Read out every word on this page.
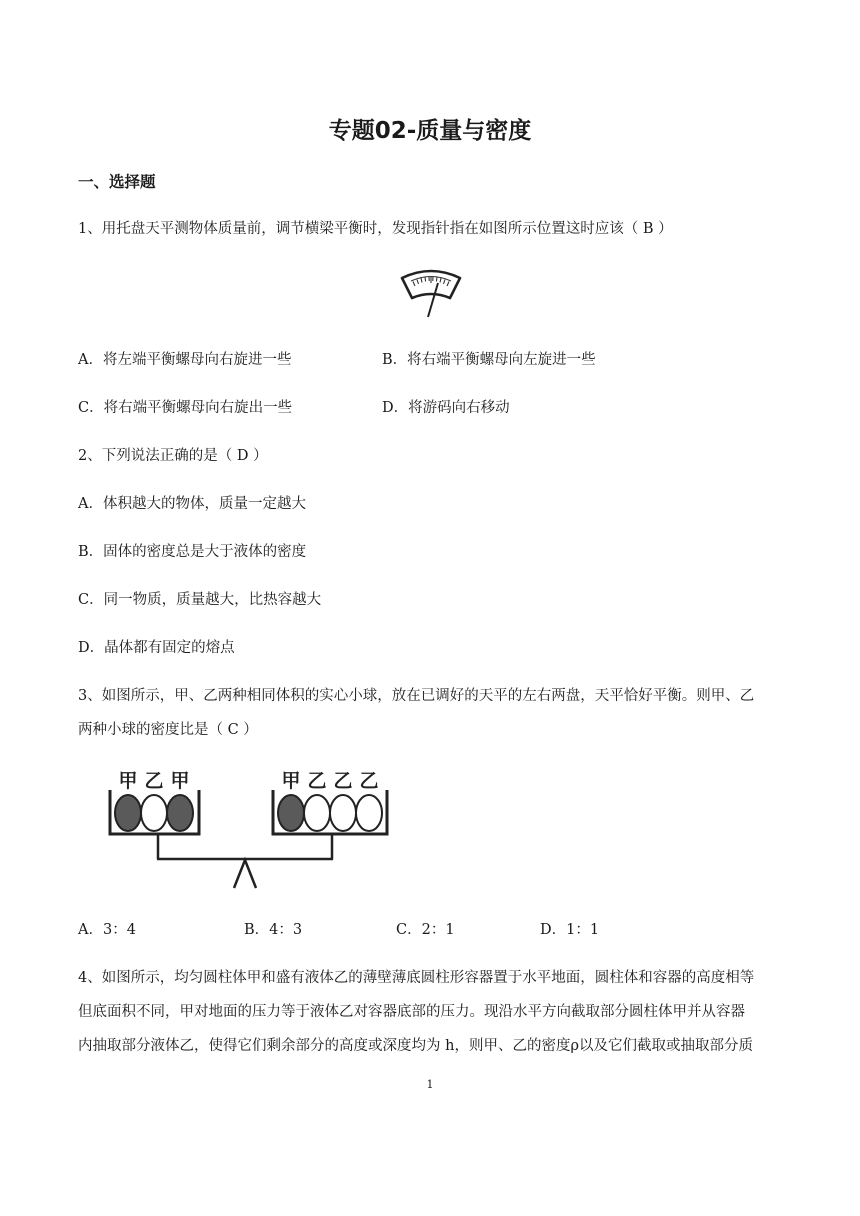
专题02-质量与密度
一、选择题
1、用托盘天平测物体质量前，调节横梁平衡时，发现指针指在如图所示位置这时应该（ B ）
A．将左端平衡螺母向右旋进一些	B．将右端平衡螺母向左旋进一些
C．将右端平衡螺母向右旋出一些	D．将游码向右移动
2、下列说法正确的是（ D ）
A．体积越大的物体，质量一定越大
B．固体的密度总是大于液体的密度
C．同一物质，质量越大，比热容越大
D．晶体都有固定的熔点
3、如图所示，甲、乙两种相同体积的实心小球，放在已调好的天平的左右两盘，天平恰好平衡。则甲、乙
两种小球的密度比是（ C ）
甲 乙 甲	甲 乙 乙 乙
A．3：4	B．4：3	C．2：1	D．1：1
4、如图所示，均匀圆柱体甲和盛有液体乙的薄壁薄底圆柱形容器置于水平地面，圆柱体和容器的高度相等
但底面积不同，甲对地面的压力等于液体乙对容器底部的压力。现沿水平方向截取部分圆柱体甲并从容器
内抽取部分液体乙，使得它们剩余部分的高度或深度均为 h，则甲、乙的密度ρ以及它们截取或抽取部分质
1
